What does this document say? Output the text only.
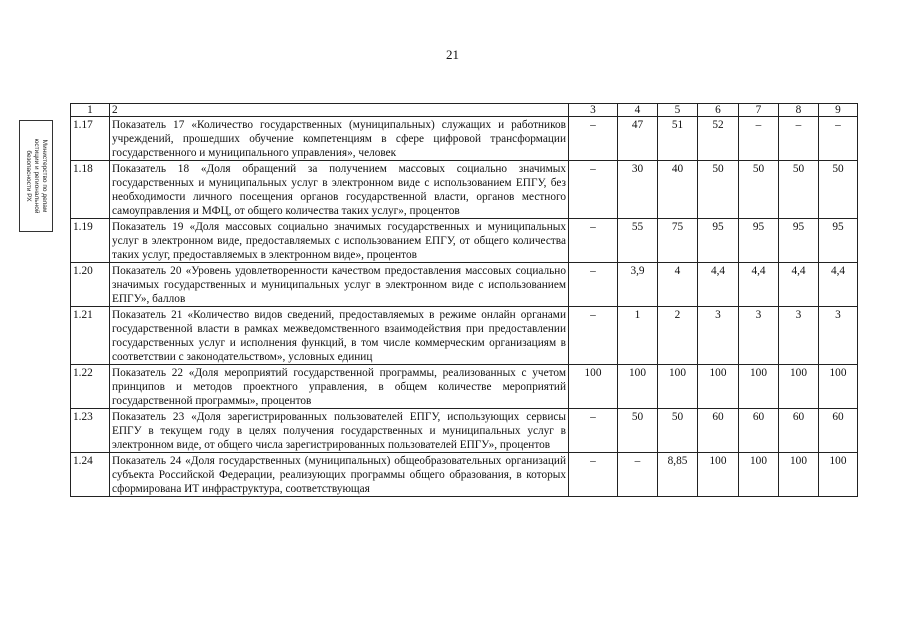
21
Министерство по делам
юстиции и региональной
безопасности РХ
1	2	3	4	5	6	7	8	9
1.17	Показатель 17 «Количество государственных (муниципальных) служащих и работников учреждений, прошедших обучение компетенциям в сфере цифровой трансформации государственного и муниципального управления», человек	–	47	51	52	–	–	–
1.18	Показатель 18 «Доля обращений за получением массовых социально значимых государственных и муниципальных услуг в электронном виде с использованием ЕПГУ, без необходимости личного посещения органов государственной власти, органов местного самоуправления и МФЦ, от общего количества таких услуг», процентов	–	30	40	50	50	50	50
1.19	Показатель 19 «Доля массовых социально значимых государственных и муниципальных услуг в электронном виде, предоставляемых с использованием ЕПГУ, от общего количества таких услуг, предоставляемых в электронном виде», процентов	–	55	75	95	95	95	95
1.20	Показатель 20 «Уровень удовлетворенности качеством предоставления массовых социально значимых государственных и муниципальных услуг в электронном виде с использованием ЕПГУ», баллов	–	3,9	4	4,4	4,4	4,4	4,4
1.21	Показатель 21 «Количество видов сведений, предоставляемых в режиме онлайн органами государственной власти в рамках межведомственного взаимодействия при предоставлении государственных услуг и исполнения функций, в том числе коммерческим организациям в соответствии с законодательством», условных единиц	–	1	2	3	3	3	3
1.22	Показатель 22 «Доля мероприятий государственной программы, реализованных с учетом принципов и методов проектного управления, в общем количестве мероприятий государственной программы», процентов	100	100	100	100	100	100	100
1.23	Показатель 23 «Доля зарегистрированных пользователей ЕПГУ, использующих сервисы ЕПГУ в текущем году в целях получения государственных и муниципальных услуг в электронном виде, от общего числа зарегистрированных пользователей ЕПГУ», процентов	–	50	50	60	60	60	60
1.24	Показатель 24 «Доля государственных (муниципальных) общеобразовательных организаций субъекта Российской Федерации, реализующих программы общего образования, в которых сформирована ИТ инфраструктура, соответствующая	–	–	8,85	100	100	100	100
